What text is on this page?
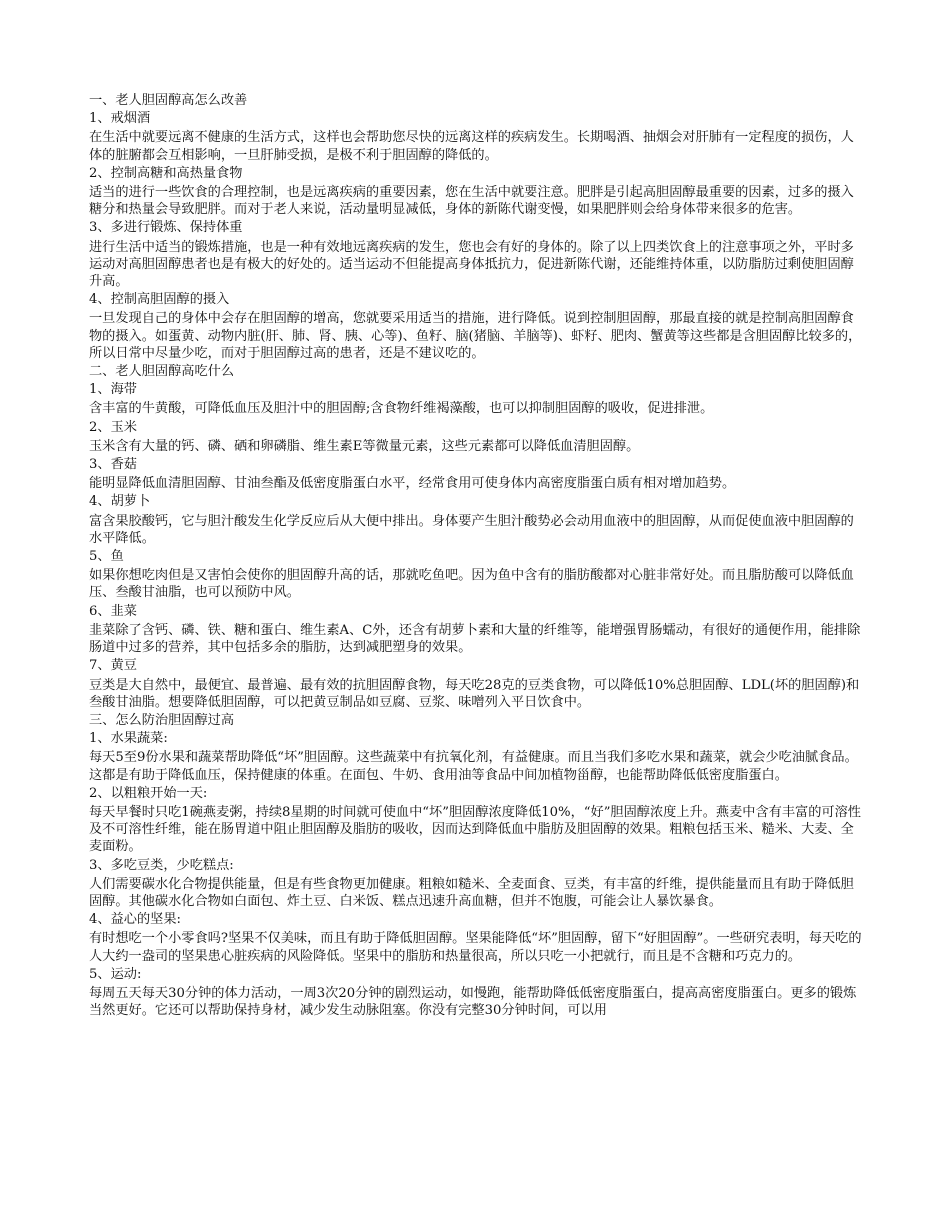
一、老人胆固醇高怎么改善
1、戒烟酒
在生活中就要远离不健康的生活方式，这样也会帮助您尽快的远离这样的疾病发生。长期喝酒、抽烟会对肝肺有一定程度的损伤，人体的脏腑都会互相影响，一旦肝肺受损，是极不利于胆固醇的降低的。
2、控制高糖和高热量食物
适当的进行一些饮食的合理控制，也是远离疾病的重要因素，您在生活中就要注意。肥胖是引起高胆固醇最重要的因素，过多的摄入糖分和热量会导致肥胖。而对于老人来说，活动量明显减低，身体的新陈代谢变慢，如果肥胖则会给身体带来很多的危害。
3、多进行锻炼、保持体重
进行生活中适当的锻炼措施，也是一种有效地远离疾病的发生，您也会有好的身体的。除了以上四类饮食上的注意事项之外，平时多运动对高胆固醇患者也是有极大的好处的。适当运动不但能提高身体抵抗力，促进新陈代谢，还能维持体重，以防脂肪过剩使胆固醇升高。
4、控制高胆固醇的摄入
一旦发现自己的身体中会存在胆固醇的增高，您就要采用适当的措施，进行降低。说到控制胆固醇，那最直接的就是控制高胆固醇食物的摄入。如蛋黄、动物内脏(肝、肺、肾、胰、心等)、鱼籽、脑(猪脑、羊脑等)、虾籽、肥肉、蟹黄等这些都是含胆固醇比较多的，所以日常中尽量少吃，而对于胆固醇过高的患者，还是不建议吃的。
二、老人胆固醇高吃什么
1、海带
含丰富的牛黄酸，可降低血压及胆汁中的胆固醇;含食物纤维褐藻酸，也可以抑制胆固醇的吸收，促进排泄。
2、玉米
玉米含有大量的钙、磷、硒和卵磷脂、维生素E等微量元素，这些元素都可以降低血清胆固醇。
3、香菇
能明显降低血清胆固醇、甘油叁酯及低密度脂蛋白水平，经常食用可使身体内高密度脂蛋白质有相对增加趋势。
4、胡萝卜
富含果胶酸钙，它与胆汁酸发生化学反应后从大便中排出。身体要产生胆汁酸势必会动用血液中的胆固醇，从而促使血液中胆固醇的水平降低。
5、鱼
如果你想吃肉但是又害怕会使你的胆固醇升高的话，那就吃鱼吧。因为鱼中含有的脂肪酸都对心脏非常好处。而且脂肪酸可以降低血压、叁酸甘油脂，也可以预防中风。
6、韭菜
韭菜除了含钙、磷、铁、糖和蛋白、维生素A、C外，还含有胡萝卜素和大量的纤维等，能增强胃肠蠕动，有很好的通便作用，能排除肠道中过多的营养，其中包括多余的脂肪，达到减肥塑身的效果。
7、黄豆
豆类是大自然中，最便宜、最普遍、最有效的抗胆固醇食物，每天吃28克的豆类食物，可以降低10%总胆固醇、LDL(坏的胆固醇)和叁酸甘油脂。想要降低胆固醇，可以把黄豆制品如豆腐、豆浆、味噌列入平日饮食中。
三、怎么防治胆固醇过高
1、水果蔬菜:
每天5至9份水果和蔬菜帮助降低“坏”胆固醇。这些蔬菜中有抗氧化剂，有益健康。而且当我们多吃水果和蔬菜，就会少吃油腻食品。这都是有助于降低血压，保持健康的体重。在面包、牛奶、食用油等食品中间加植物甾醇，也能帮助降低低密度脂蛋白。
2、以粗粮开始一天:
每天早餐时只吃1碗燕麦粥，持续8星期的时间就可使血中“坏”胆固醇浓度降低10%，“好”胆固醇浓度上升。燕麦中含有丰富的可溶性及不可溶性纤维，能在肠胃道中阻止胆固醇及脂肪的吸收，因而达到降低血中脂肪及胆固醇的效果。粗粮包括玉米、糙米、大麦、全麦面粉。
3、多吃豆类，少吃糕点:
人们需要碳水化合物提供能量，但是有些食物更加健康。粗粮如糙米、全麦面食、豆类，有丰富的纤维，提供能量而且有助于降低胆固醇。其他碳水化合物如白面包、炸土豆、白米饭、糕点迅速升高血糖，但并不饱腹，可能会让人暴饮暴食。
4、益心的坚果:
有时想吃一个小零食吗?坚果不仅美味，而且有助于降低胆固醇。坚果能降低“坏”胆固醇，留下“好胆固醇”。一些研究表明，每天吃的人大约一盎司的坚果患心脏疾病的风险降低。坚果中的脂肪和热量很高，所以只吃一小把就行，而且是不含糖和巧克力的。
5、运动:
每周五天每天30分钟的体力活动，一周3次20分钟的剧烈运动，如慢跑，能帮助降低低密度脂蛋白，提高高密度脂蛋白。更多的锻炼当然更好。它还可以帮助保持身材，减少发生动脉阻塞。你没有完整30分钟时间，可以用
